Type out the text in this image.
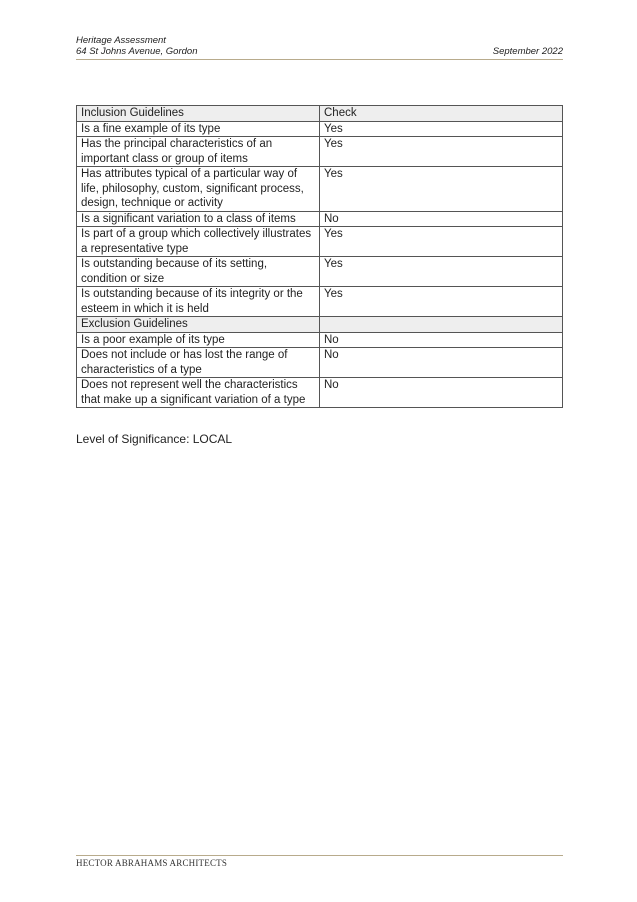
Heritage Assessment
64 St Johns Avenue, Gordon	September 2022
Inclusion Guidelines	Check
Is a fine example of its type	Yes
Has the principal characteristics of an important class or group of items	Yes
Has attributes typical of a particular way of life, philosophy, custom, significant process, design, technique or activity	Yes
Is a significant variation to a class of items	No
Is part of a group which collectively illustrates a representative type	Yes
Is outstanding because of its setting, condition or size	Yes
Is outstanding because of its integrity or the esteem in which it is held	Yes
Exclusion Guidelines	
Is a poor example of its type	No
Does not include or has lost the range of characteristics of a type	No
Does not represent well the characteristics that make up a significant variation of a type	No
Level of Significance: LOCAL
HECTOR ABRAHAMS ARCHITECTS
